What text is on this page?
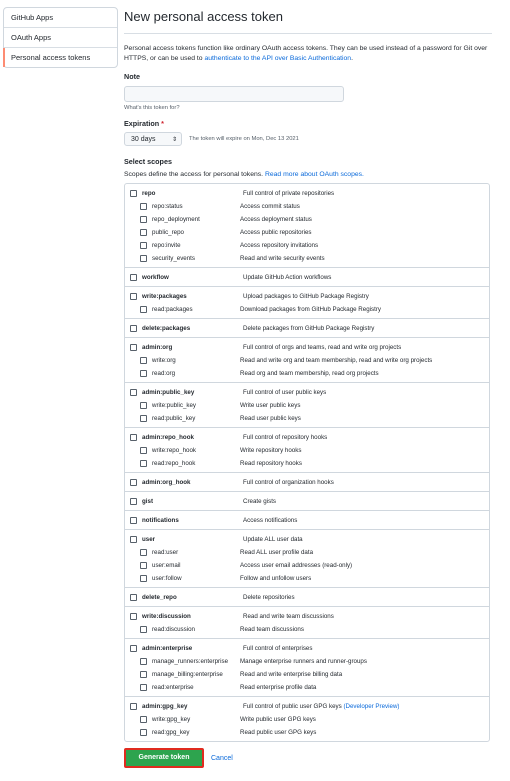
GitHub Apps
OAuth Apps
Personal access tokens
New personal access token

Personal access tokens function like ordinary OAuth access tokens. They can be used instead of a password for Git over HTTPS, or can be used to authenticate to the API over Basic Authentication.

Note
What's this token for?
Expiration *
30 days	⇕ The token will expire on Mon, Dec 13 2021
Select scopes
Scopes define the access for personal tokens. Read more about OAuth scopes.
repo	Full control of private repositories
repo:status	Access commit status
repo_deployment	Access deployment status
public_repo	Access public repositories
repo:invite	Access repository invitations
security_events	Read and write security events
workflow	Update GitHub Action workflows
write:packages	Upload packages to GitHub Package Registry
read:packages	Download packages from GitHub Package Registry
delete:packages	Delete packages from GitHub Package Registry
admin:org	Full control of orgs and teams, read and write org projects
write:org	Read and write org and team membership, read and write org projects
read:org	Read org and team membership, read org projects
admin:public_key	Full control of user public keys
write:public_key	Write user public keys
read:public_key	Read user public keys
admin:repo_hook	Full control of repository hooks
write:repo_hook	Write repository hooks
read:repo_hook	Read repository hooks
admin:org_hook	Full control of organization hooks
gist	Create gists
notifications	Access notifications
user	Update ALL user data
read:user	Read ALL user profile data
user:email	Access user email addresses (read-only)
user:follow	Follow and unfollow users
delete_repo	Delete repositories
write:discussion	Read and write team discussions
read:discussion	Read team discussions
admin:enterprise	Full control of enterprises
manage_runners:enterprise	Manage enterprise runners and runner-groups
manage_billing:enterprise	Read and write enterprise billing data
read:enterprise	Read enterprise profile data
admin:gpg_key	Full control of public user GPG keys (Developer Preview)
write:gpg_key	Write public user GPG keys
read:gpg_key	Read public user GPG keys
Generate token	Cancel
